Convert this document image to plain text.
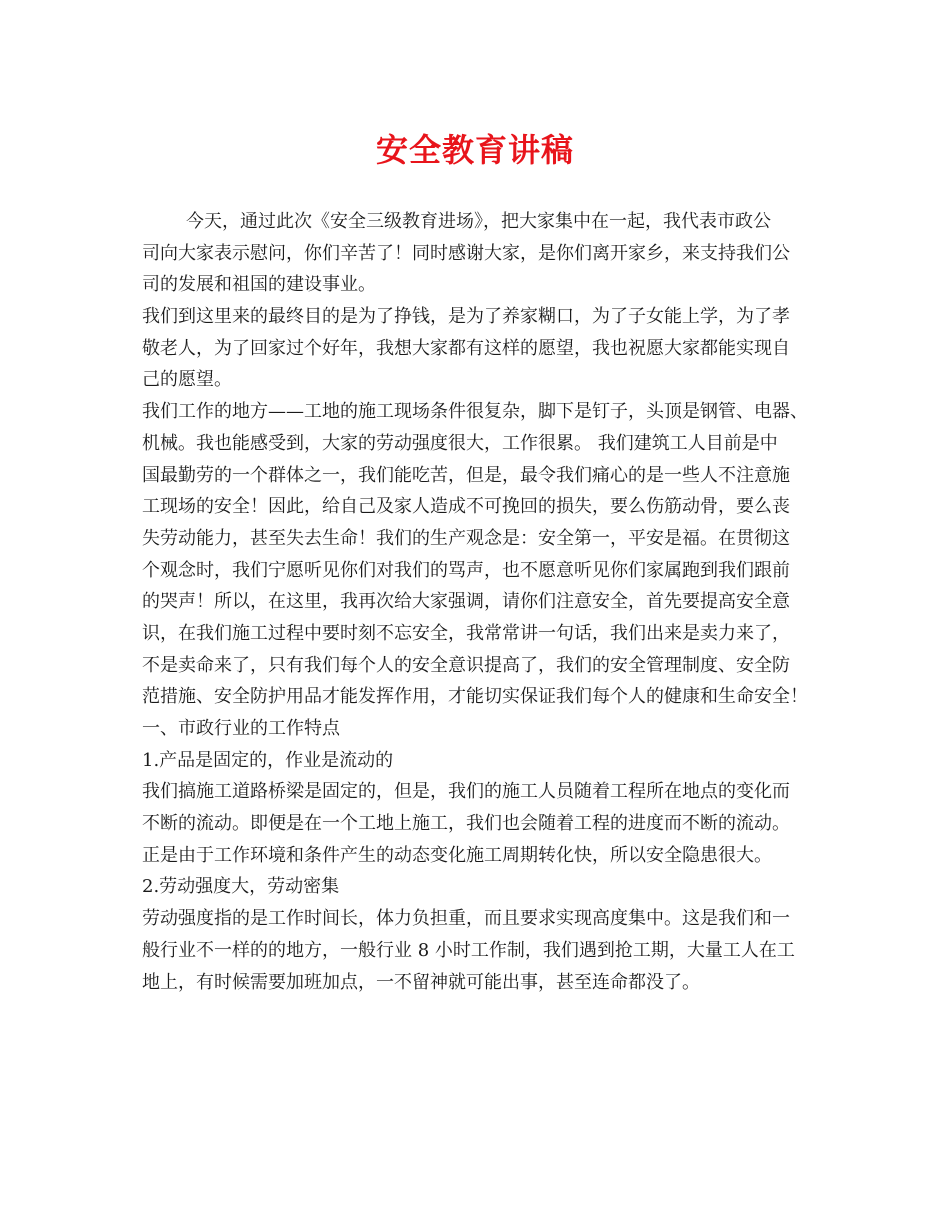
安全教育讲稿
今天，通过此次《安全三级教育进场》，把大家集中在一起，我代表市政公
司向大家表示慰问，你们辛苦了！同时感谢大家，是你们离开家乡，来支持我们公
司的发展和祖国的建设事业。
我们到这里来的最终目的是为了挣钱，是为了养家糊口，为了子女能上学，为了孝
敬老人，为了回家过个好年，我想大家都有这样的愿望，我也祝愿大家都能实现自
己的愿望。
我们工作的地方——工地的施工现场条件很复杂，脚下是钉子，头顶是钢管、电器、
机械。我也能感受到，大家的劳动强度很大，工作很累。 我们建筑工人目前是中
国最勤劳的一个群体之一，我们能吃苦，但是，最令我们痛心的是一些人不注意施
工现场的安全！因此，给自己及家人造成不可挽回的损失，要么伤筋动骨，要么丧
失劳动能力，甚至失去生命！我们的生产观念是：安全第一，平安是福。在贯彻这
个观念时，我们宁愿听见你们对我们的骂声，也不愿意听见你们家属跑到我们跟前
的哭声！所以，在这里，我再次给大家强调，请你们注意安全，首先要提高安全意
识，在我们施工过程中要时刻不忘安全，我常常讲一句话，我们出来是卖力来了，
不是卖命来了，只有我们每个人的安全意识提高了，我们的安全管理制度、安全防
范措施、安全防护用品才能发挥作用，才能切实保证我们每个人的健康和生命安全！
一、市政行业的工作特点
1.产品是固定的，作业是流动的
我们搞施工道路桥梁是固定的，但是，我们的施工人员随着工程所在地点的变化而
不断的流动。即便是在一个工地上施工，我们也会随着工程的进度而不断的流动。
正是由于工作环境和条件产生的动态变化施工周期转化快，所以安全隐患很大。
2.劳动强度大，劳动密集
劳动强度指的是工作时间长，体力负担重，而且要求实现高度集中。这是我们和一
般行业不一样的的地方，一般行业 8 小时工作制，我们遇到抢工期，大量工人在工
地上，有时候需要加班加点，一不留神就可能出事，甚至连命都没了。
